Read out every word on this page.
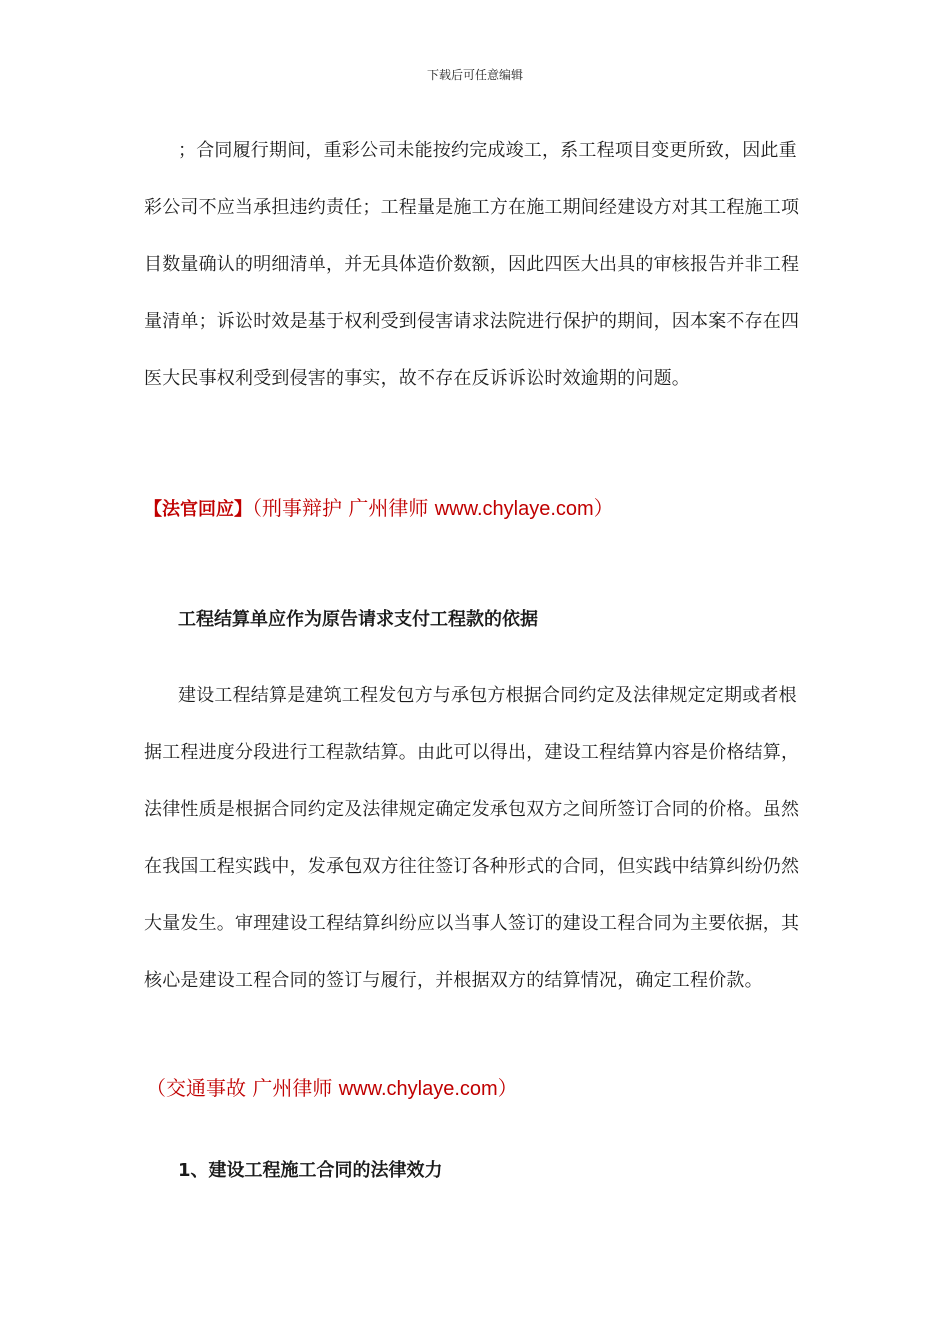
下载后可任意编辑

；合同履行期间，重彩公司未能按约完成竣工，系工程项目变更所致，因此重彩公司不应当承担违约责任；工程量是施工方在施工期间经建设方对其工程施工项目数量确认的明细清单，并无具体造价数额，因此四医大出具的审核报告并非工程量清单；诉讼时效是基于权利受到侵害请求法院进行保护的期间，因本案不存在四医大民事权利受到侵害的事实，故不存在反诉诉讼时效逾期的问题。

【法官回应】（刑事辩护 广州律师 www.chylaye.com）

工程结算单应作为原告请求支付工程款的依据

建设工程结算是建筑工程发包方与承包方根据合同约定及法律规定定期或者根据工程进度分段进行工程款结算。由此可以得出，建设工程结算内容是价格结算，法律性质是根据合同约定及法律规定确定发承包双方之间所签订合同的价格。虽然在我国工程实践中，发承包双方往往签订各种形式的合同，但实践中结算纠纷仍然大量发生。审理建设工程结算纠纷应以当事人签订的建设工程合同为主要依据，其核心是建设工程合同的签订与履行，并根据双方的结算情况，确定工程价款。

（交通事故 广州律师 www.chylaye.com）

1、建设工程施工合同的法律效力
